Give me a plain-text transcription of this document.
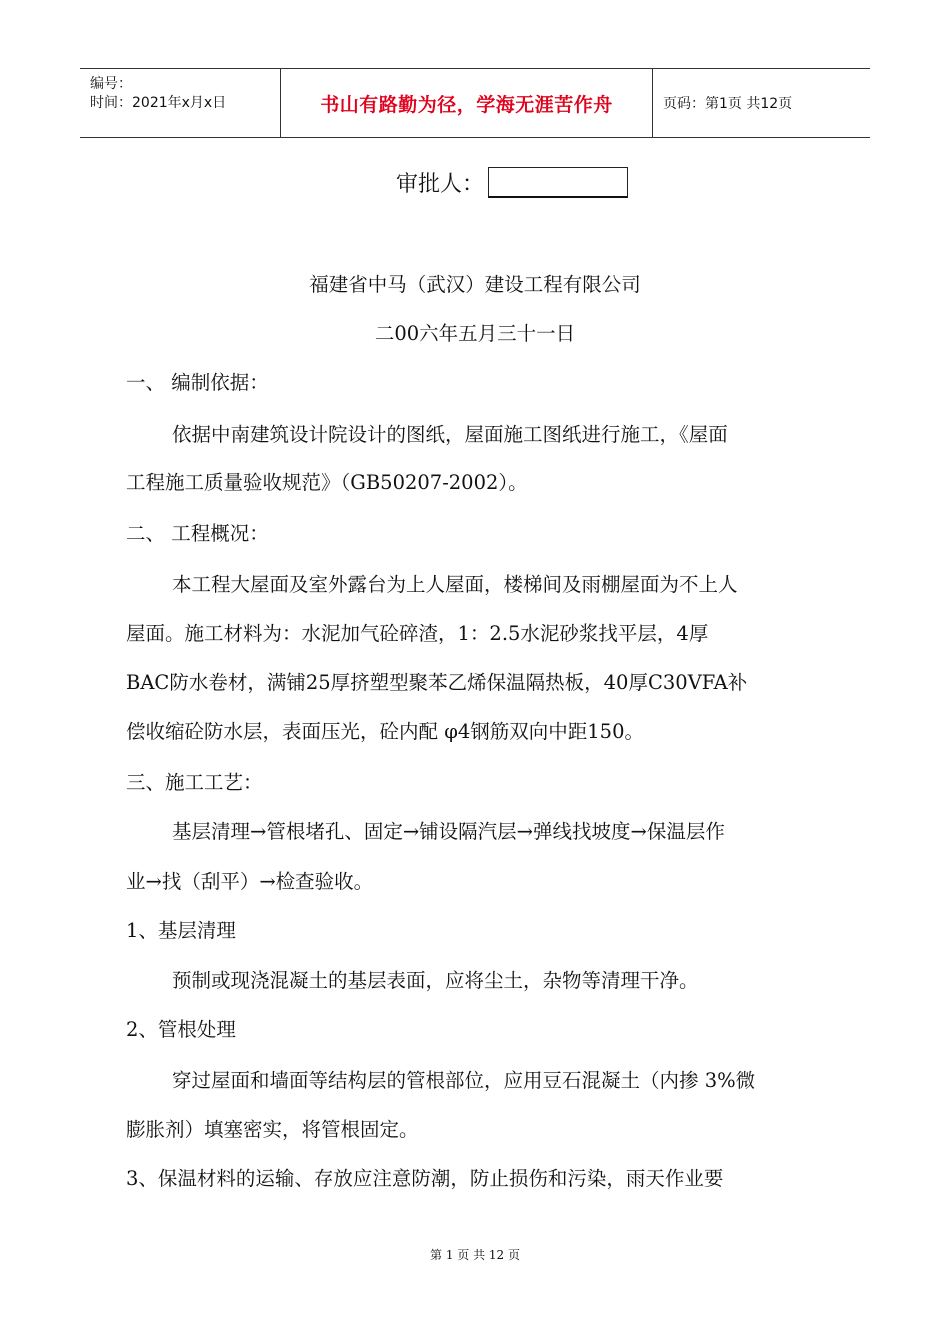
编号：
时间：2021年x月x日	书山有路勤为径，学海无涯苦作舟	页码：第1页 共12页
审批人：
福建省中马（武汉）建设工程有限公司
二00六年五月三十一日
一、 编制依据：
依据中南建筑设计院设计的图纸，屋面施工图纸进行施工，《屋面
工程施工质量验收规范》（GB50207-2002）。
二、 工程概况：
本工程大屋面及室外露台为上人屋面，楼梯间及雨棚屋面为不上人
屋面。施工材料为：水泥加气砼碎渣，1：2.5水泥砂浆找平层，4厚
BAC防水卷材，满铺25厚挤塑型聚苯乙烯保温隔热板，40厚C30VFA补
偿收缩砼防水层，表面压光，砼内配 φ4钢筋双向中距150。
三、施工工艺：
基层清理→管根堵孔、固定→铺设隔汽层→弹线找坡度→保温层作
业→找（刮平）→检查验收。
1、基层清理
预制或现浇混凝土的基层表面，应将尘土，杂物等清理干净。
2、管根处理
穿过屋面和墙面等结构层的管根部位，应用豆石混凝土（内掺 3%微
膨胀剂）填塞密实，将管根固定。
3、保温材料的运输、存放应注意防潮，防止损伤和污染，雨天作业要
第 1 页 共 12 页
